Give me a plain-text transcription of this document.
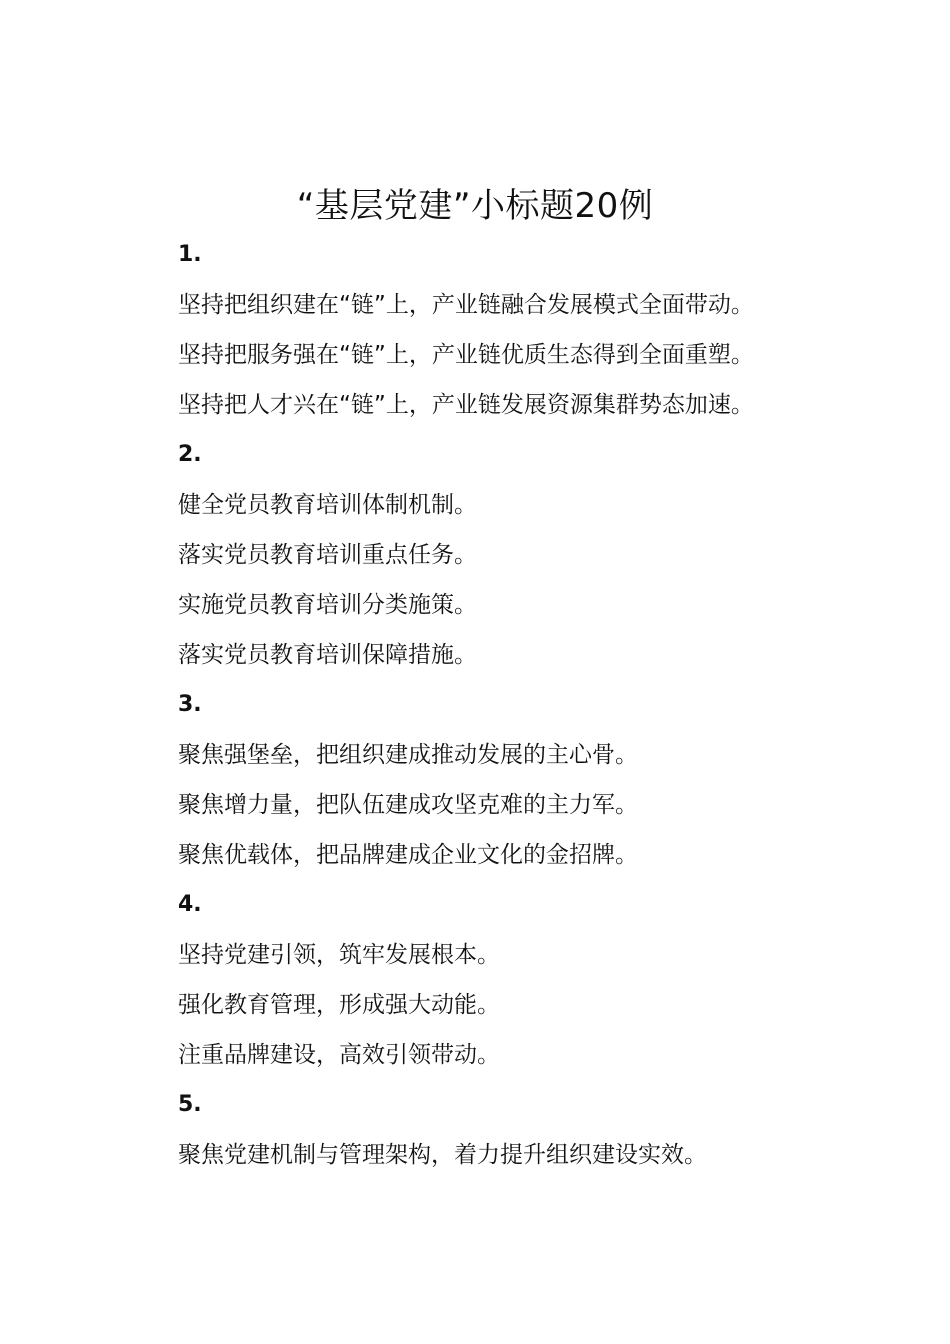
“基层党建”小标题20例

1.

坚持把组织建在“链”上，产业链融合发展模式全面带动。

坚持把服务强在“链”上，产业链优质生态得到全面重塑。

坚持把人才兴在“链”上，产业链发展资源集群势态加速。

2.

健全党员教育培训体制机制。

落实党员教育培训重点任务。

实施党员教育培训分类施策。

落实党员教育培训保障措施。

3.

聚焦强堡垒，把组织建成推动发展的主心骨。

聚焦增力量，把队伍建成攻坚克难的主力军。

聚焦优载体，把品牌建成企业文化的金招牌。

4.

坚持党建引领，筑牢发展根本。

强化教育管理，形成强大动能。

注重品牌建设，高效引领带动。

5.

聚焦党建机制与管理架构，着力提升组织建设实效。
